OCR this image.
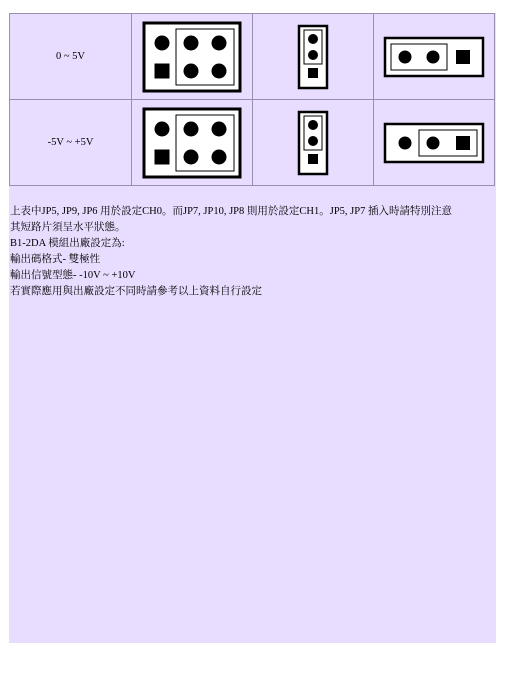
0 ~ 5V	

-5V ~ +5V	

上表中JP5, JP9, JP6 用於設定CH0。而JP7, JP10, JP8 則用於設定CH1。JP5, JP7 插入時請特別注意

其短路片須呈水平狀態。

B1-2DA 模組出廠設定為:

輸出碼格式- 雙極性

輸出信號型態- -10V ~ +10V

若實際應用與出廠設定不同時請參考以上資料自行設定
